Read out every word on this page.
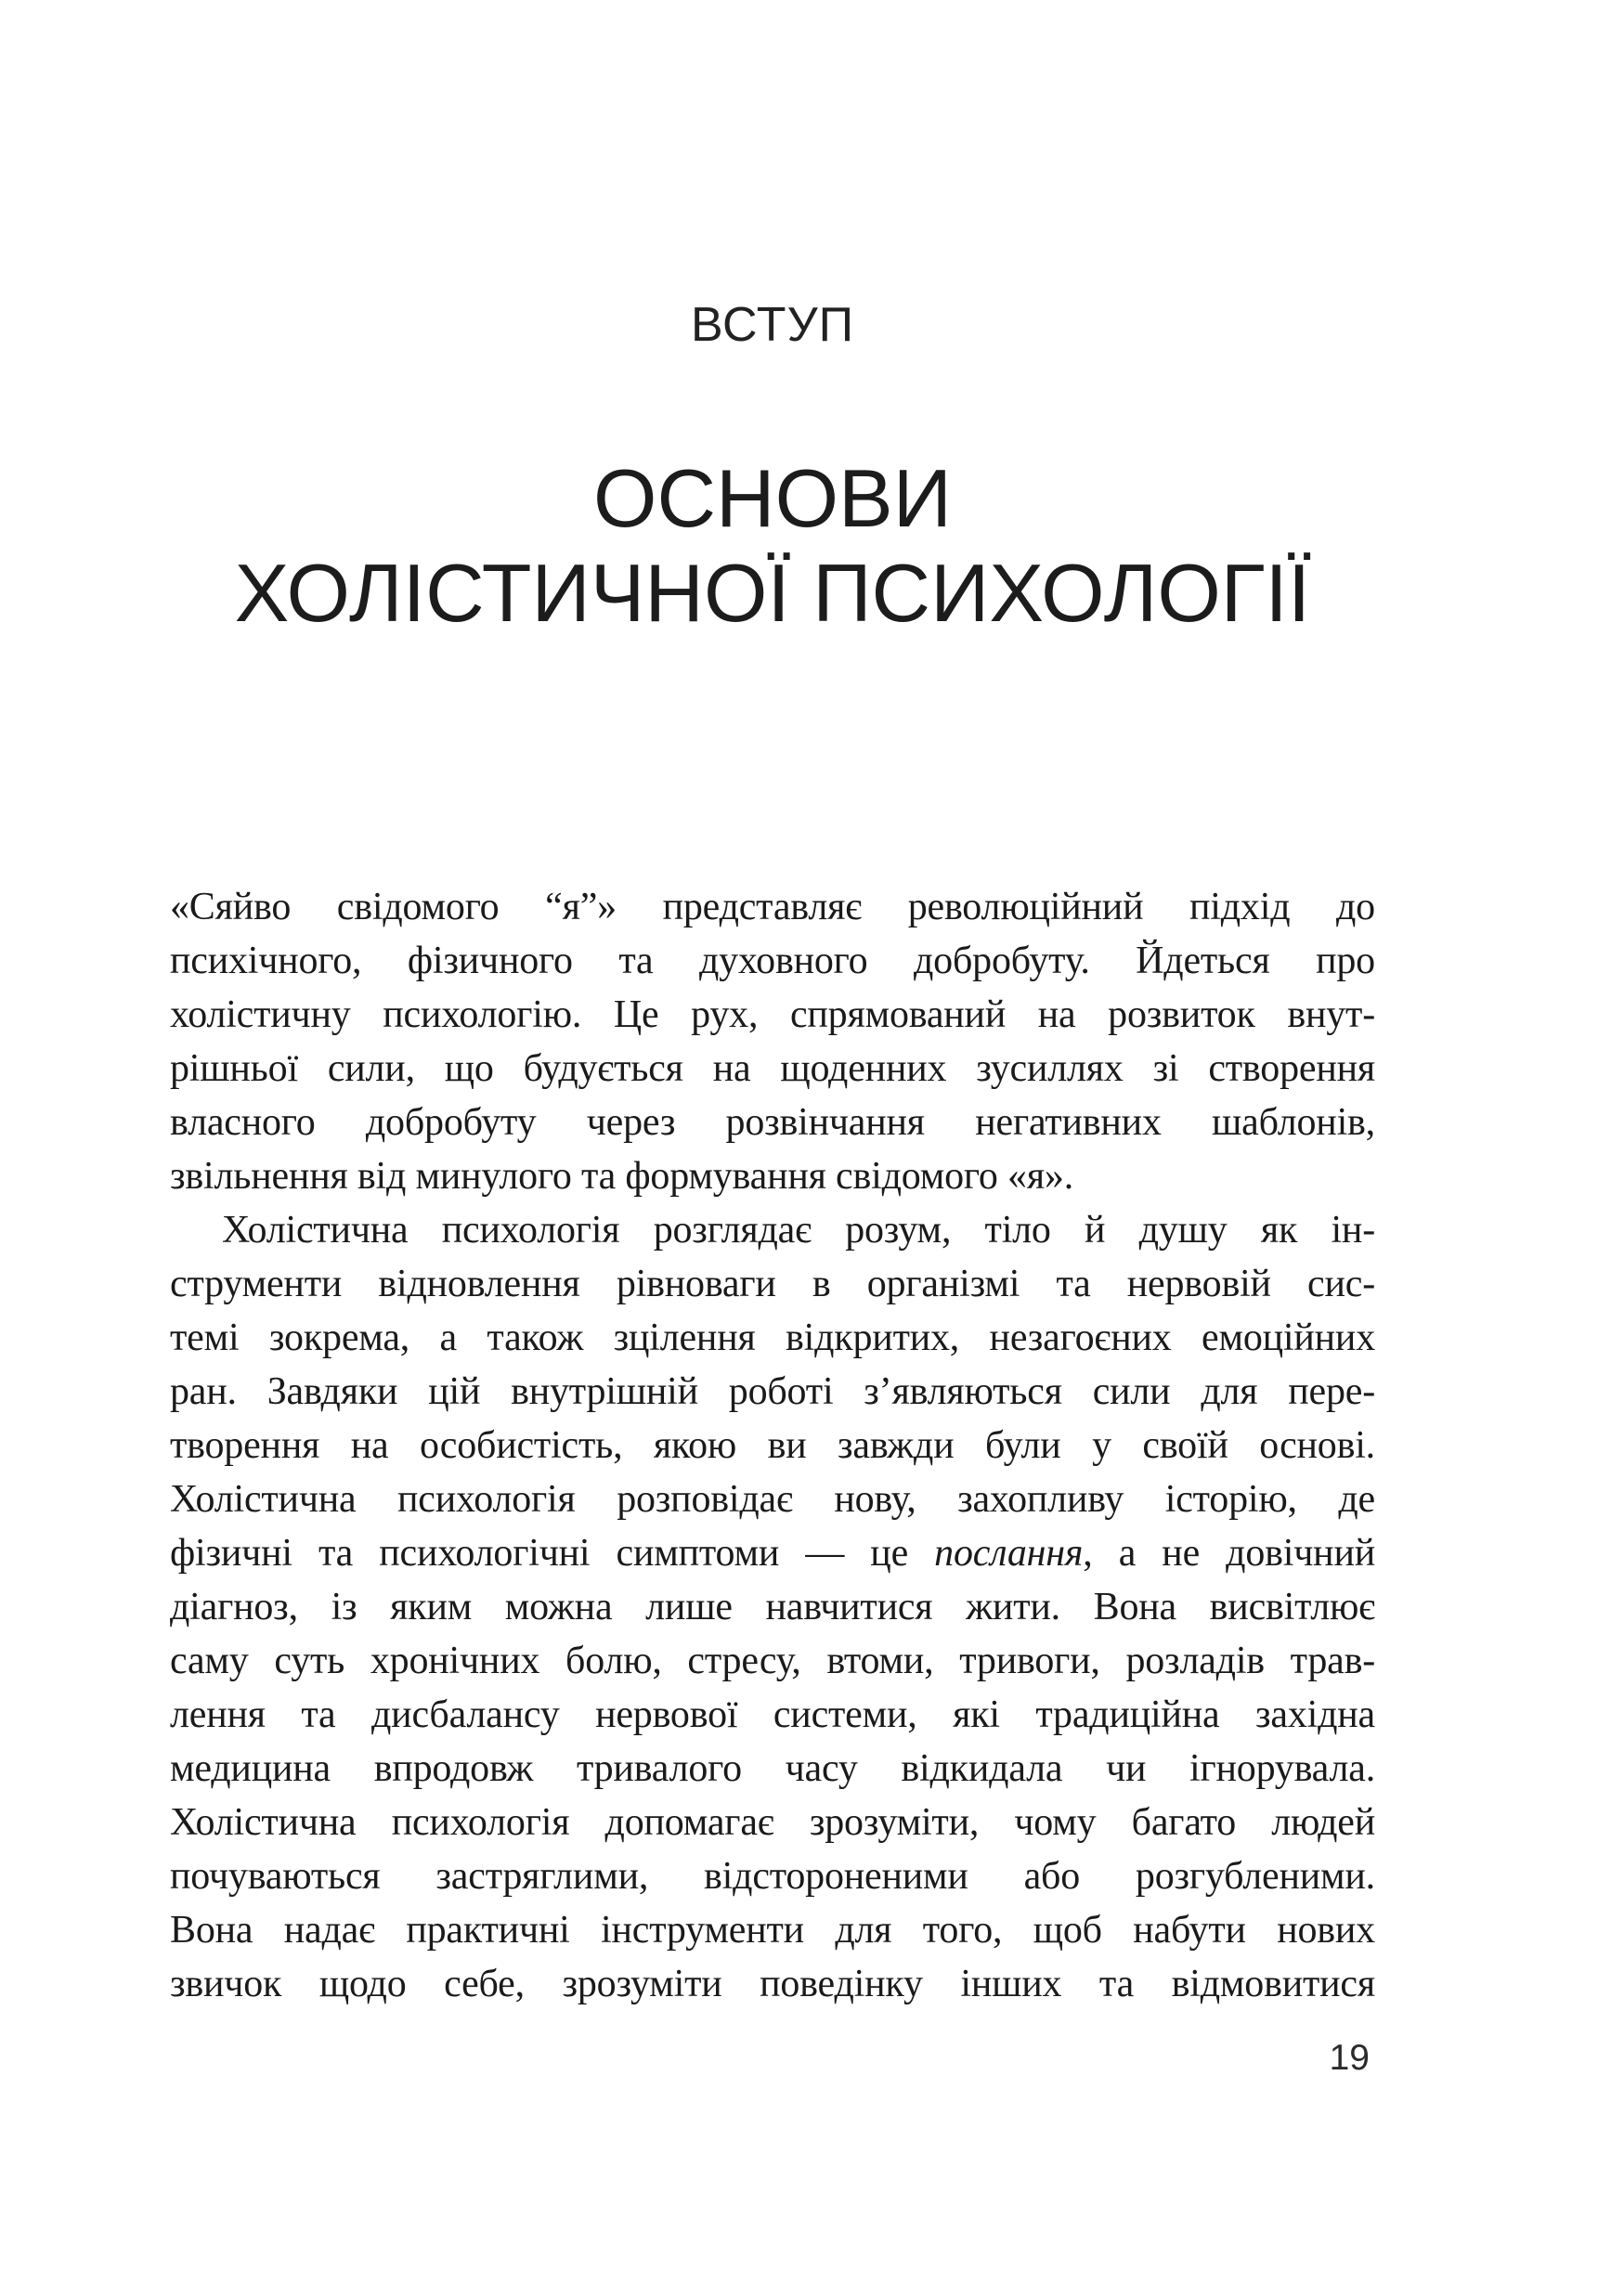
ВСТУП
ОСНОВИ
ХОЛІСТИЧНОЇ ПСИХОЛОГІЇ
«Сяйво свідомого “я”» представляє революційний підхід до
психічного, фізичного та духовного добробуту. Йдеться про
холістичну психологію. Це рух, спрямований на розвиток внут-
рішньої сили, що будується на щоденних зусиллях зі створення
власного добробуту через розвінчання негативних шаблонів,
звільнення від минулого та формування свідомого «я».
Холістична психологія розглядає розум, тіло й душу як ін-
струменти відновлення рівноваги в організмі та нервовій сис-
темі зокрема, а також зцілення відкритих, незагоєних емоційних
ран. Завдяки цій внутрішній роботі з’являються сили для пере-
творення на особистість, якою ви завжди були у своїй основі.
Холістична психологія розповідає нову, захопливу історію, де
фізичні та психологічні симптоми — це послання, а не довічний
діагноз, із яким можна лише навчитися жити. Вона висвітлює
саму суть хронічних болю, стресу, втоми, тривоги, розладів трав-
лення та дисбалансу нервової системи, які традиційна західна
медицина впродовж тривалого часу відкидала чи ігнорувала.
Холістична психологія допомагає зрозуміти, чому багато людей
почуваються застряглими, відстороненими або розгубленими.
Вона надає практичні інструменти для того, щоб набути нових
звичок щодо себе, зрозуміти поведінку інших та відмовитися
19
